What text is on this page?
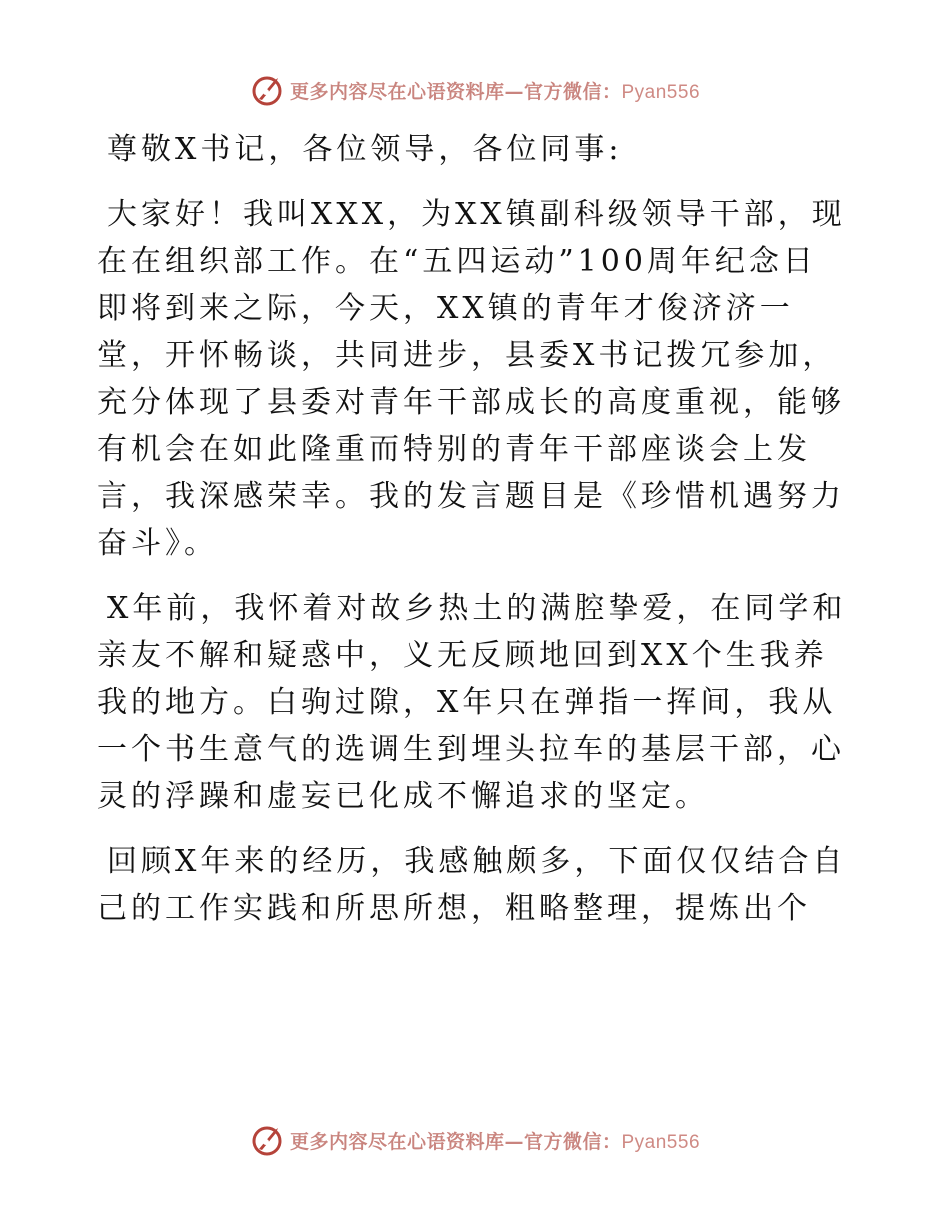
更多内容尽在心语资料库—官方微信：Pyan556

尊敬X书记，各位领导，各位同事:

大家好！我叫XXX，为XX镇副科级领导干部，现在在组织部工作。在“五四运动”100周年纪念日即将到来之际，今天，XX镇的青年才俊济济一堂，开怀畅谈，共同进步，县委X书记拨冗参加，充分体现了县委对青年干部成长的高度重视，能够有机会在如此隆重而特别的青年干部座谈会上发言，我深感荣幸。我的发言题目是《珍惜机遇努力奋斗》。

X年前，我怀着对故乡热土的满腔挚爱，在同学和亲友不解和疑惑中，义无反顾地回到XX个生我养我的地方。白驹过隙，X年只在弹指一挥间，我从一个书生意气的选调生到埋头拉车的基层干部，心灵的浮躁和虚妄已化成不懈追求的坚定。

回顾X年来的经历，我感触颇多，下面仅仅结合自己的工作实践和所思所想，粗略整理，提炼出个

更多内容尽在心语资料库—官方微信：Pyan556
